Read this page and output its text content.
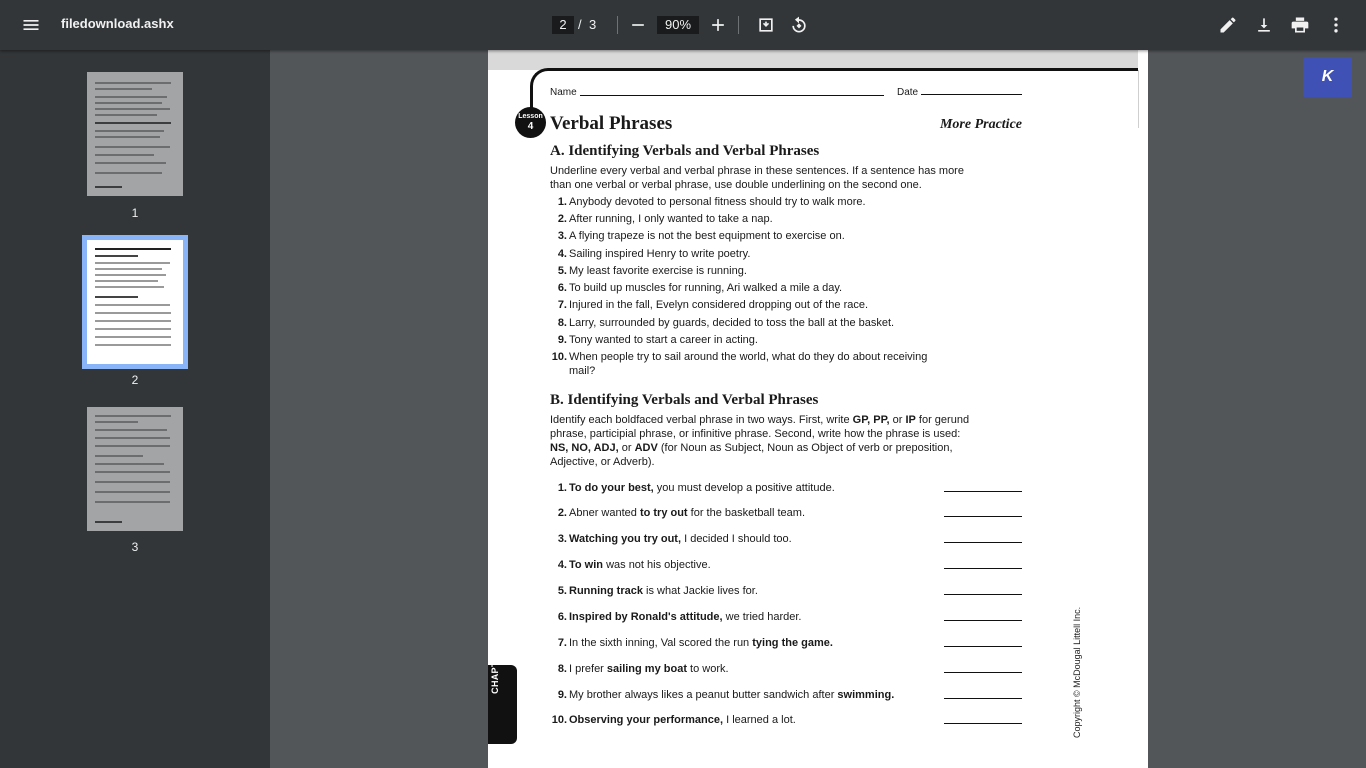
filedownload.ashx
2	/ 3
90%
1
2
3
Name	Date
Lesson
4 Verbal Phrases	More Practice
A. Identifying Verbals and Verbal Phrases
Underline every verbal and verbal phrase in these sentences. If a sentence has more than one verbal or verbal phrase, use double underlining on the second one.
1. Anybody devoted to personal fitness should try to walk more.
2. After running, I only wanted to take a nap.
3. A flying trapeze is not the best equipment to exercise on.
4. Sailing inspired Henry to write poetry.
5. My least favorite exercise is running.
6. To build up muscles for running, Ari walked a mile a day.
7. Injured in the fall, Evelyn considered dropping out of the race.
8. Larry, surrounded by guards, decided to toss the ball at the basket.
9. Tony wanted to start a career in acting.
10. When people try to sail around the world, what do they do about receiving
mail?
B. Identifying Verbals and Verbal Phrases
Identify each boldfaced verbal phrase in two ways. First, write GP, PP, or IP for gerund phrase, participial phrase, or infinitive phrase. Second, write how the phrase is used: NS, NO, ADJ, or ADV (for Noun as Subject, Noun as Object of verb or preposition, Adjective, or Adverb).
1. To do your best, you must develop a positive attitude.
2. Abner wanted to try out for the basketball team.
3. Watching you try out, I decided I should too.
4. To win was not his objective.
5. Running track is what Jackie lives for.
6. Inspired by Ronald's attitude, we tried harder.
7. In the sixth inning, Val scored the run tying the game.
8. I prefer sailing my boat to work.
9. My brother always likes a peanut butter sandwich after swimming.
10. Observing your performance, I learned a lot.
CHAPTER 7	Copyright © McDougal Littell Inc.
K
